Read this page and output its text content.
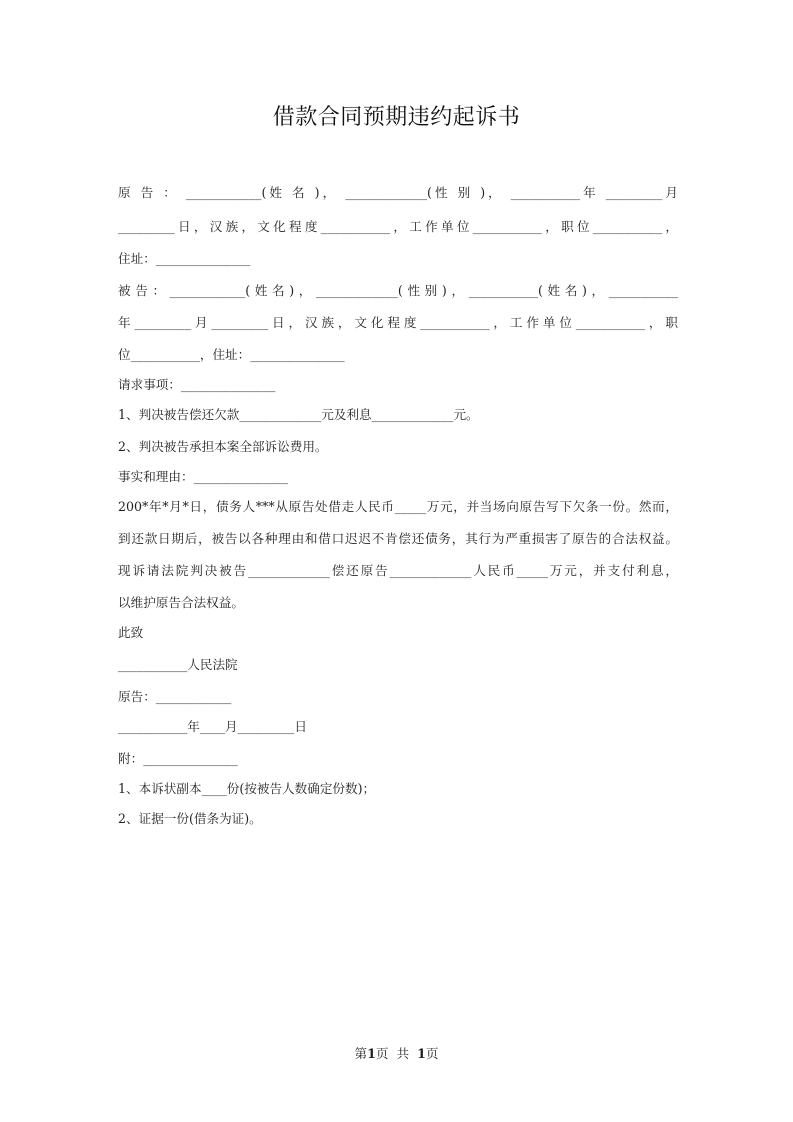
借款合同预期违约起诉书
原 告 ： ____________(姓 名 )， _____________(性 别 )， ___________年 _________月
_________日，汉族，文化程度___________，工作单位___________，职位___________，
住址：_______________
被告：____________(姓名)，_____________(性别)，___________(姓名)，___________
年_________月_________日，汉族，文化程度___________，工作单位___________，职
位___________，住址：_______________
请求事项：_______________
1、判决被告偿还欠款_____________元及利息_____________元。
2、判决被告承担本案全部诉讼费用。
事实和理由：_______________
200*年*月*日，债务人***从原告处借走人民币_____万元，并当场向原告写下欠条一份。然而，
到还款日期后，被告以各种理由和借口迟迟不肯偿还债务，其行为严重损害了原告的合法权益。
现诉请法院判决被告_____________偿还原告_____________人民币_____万元，并支付利息，
以维护原告合法权益。
此致
___________人民法院
原告：____________
___________年____月_________日
附：_______________
1、本诉状副本____份(按被告人数确定份数)；
2、证据一份(借条为证)。
第1页 共 1页
